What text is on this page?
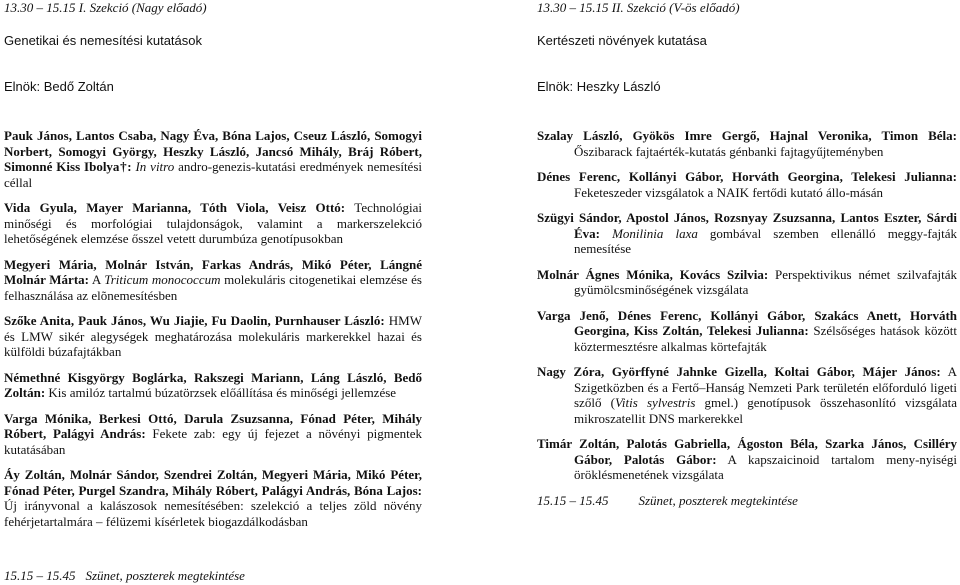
13.30 – 15.15 I. Szekció (Nagy előadó)
Genetikai és nemesítési kutatások
Elnök: Bedő Zoltán
Pauk János, Lantos Csaba, Nagy Éva, Bóna Lajos, Cseuz László, Somogyi Norbert, Somogyi György, Heszky László, Jancsó Mihály, Bráj Róbert, Simonné Kiss Ibolya†: In vitro andro-genezis-kutatási eredmények nemesítési céllal
Vida Gyula, Mayer Marianna, Tóth Viola, Veisz Ottó: Technológiai minőségi és morfológiai tulajdonságok, valamint a markerszelekció lehetőségének elemzése ősszel vetett durumbúza genotípusokban
Megyeri Mária, Molnár István, Farkas András, Mikó Péter, Lángné Molnár Márta: A Triticum monococcum molekuláris citogenetikai elemzése és felhasználása az elõnemesítésben
Szőke Anita, Pauk János, Wu Jiajie, Fu Daolin, Purnhauser László: HMW és LMW sikér alegységek meghatározása molekuláris markerekkel hazai és külföldi búzafajtákban
Némethné Kisgyörgy Boglárka, Rakszegi Mariann, Láng László, Bedő Zoltán: Kis amilóz tartalmú búzatörzsek előállítása és minőségi jellemzése
Varga Mónika, Berkesi Ottó, Darula Zsuzsanna, Fónad Péter, Mihály Róbert, Palágyi András: Fekete zab: egy új fejezet a növényi pigmentek kutatásában
Áy Zoltán, Molnár Sándor, Szendrei Zoltán, Megyeri Mária, Mikó Péter, Fónad Péter, Purgel Szandra, Mihály Róbert, Palágyi András, Bóna Lajos: Új irányvonal a kalászosok nemesítésében: szelekció a teljes zöld növény fehérjetartalmára – félüzemi kísérletek biogazdálkodásban
13.30 – 15.15 II. Szekció (V-ös előadó)
Kertészeti növények kutatása
Elnök: Heszky László
Szalay László, Gyökös Imre Gergő, Hajnal Veronika, Timon Béla: Őszibarack fajtaérték-kutatás génbanki fajtagyűjteményben
Dénes Ferenc, Kollányi Gábor, Horváth Georgina, Telekesi Julianna: Feketeszeder vizsgálatok a NAIK fertődi kutató állo-másán
Szügyi Sándor, Apostol János, Rozsnyay Zsuzsanna, Lantos Eszter, Sárdi Éva: Monilinia laxa gombával szemben ellenálló meggy-fajták nemesítése
Molnár Ágnes Mónika, Kovács Szilvia: Perspektivikus német szilvafajták gyümölcsminőségének vizsgálata
Varga Jenő, Dénes Ferenc, Kollányi Gábor, Szakács Anett, Horváth Georgina, Kiss Zoltán, Telekesi Julianna: Szélsőséges hatások között köztermesztésre alkalmas körtefajták
Nagy Zóra, Györffyné Jahnke Gizella, Koltai Gábor, Májer János: A Szigetközben és a Fertő–Hanság Nemzeti Park területén előforduló ligeti szőlő (Vitis sylvestris gmel.) genotípusok összehasonlító vizsgálata mikroszatellit DNS markerekkel
Timár Zoltán, Palotás Gabriella, Ágoston Béla, Szarka János, Csilléry Gábor, Palotás Gábor: A kapszaicinoid tartalom meny-nyiségi öröklésmenetének vizsgálata
15.15 – 15.45 Szünet, poszterek megtekintése
15.15 – 15.45 Szünet, poszterek megtekintése
